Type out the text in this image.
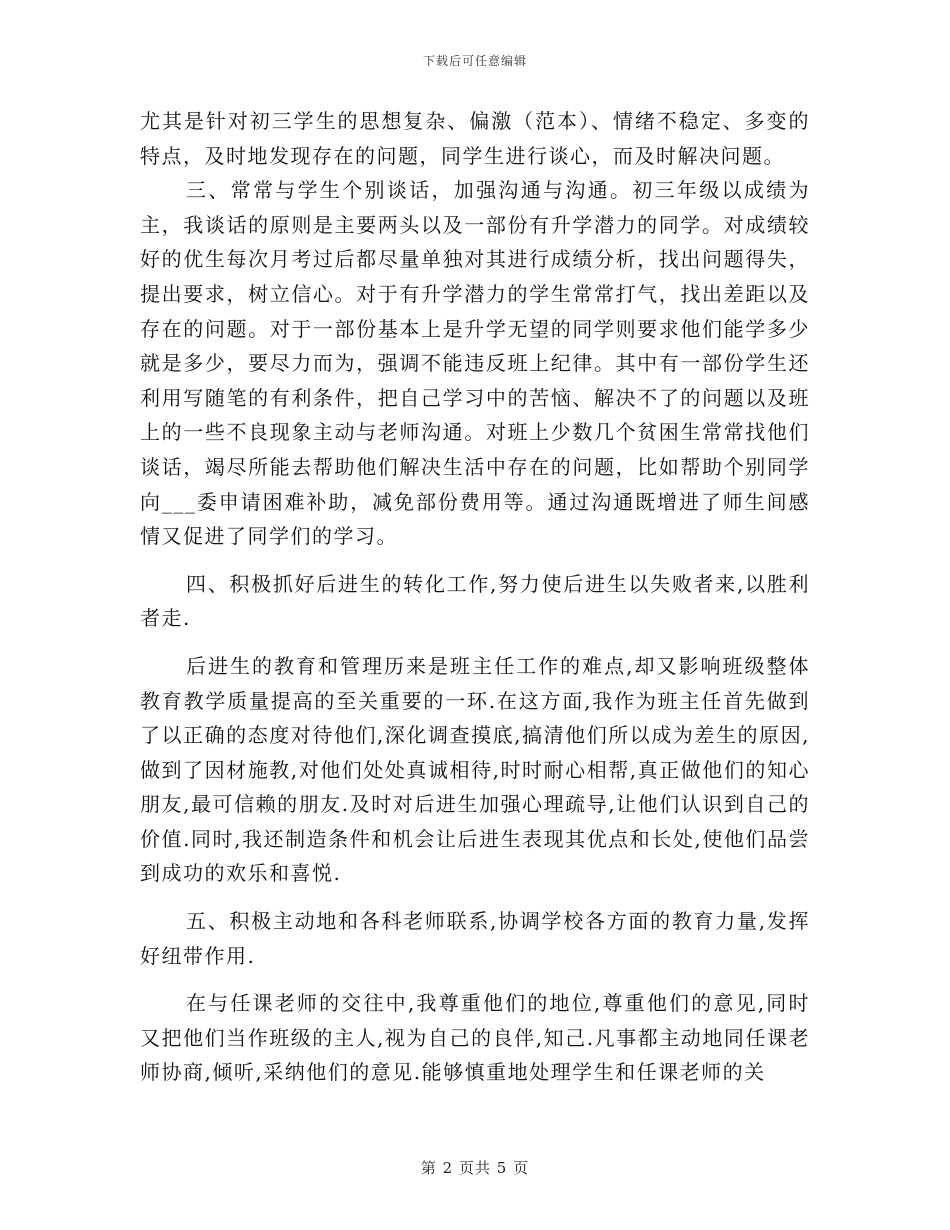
下载后可任意编辑

尤其是针对初三学生的思想复杂、偏激（范本）、情绪不稳定、多变的特点，及时地发现存在的问题，同学生进行谈心，而及时解决问题。

三、常常与学生个别谈话，加强沟通与沟通。初三年级以成绩为主，我谈话的原则是主要两头以及一部份有升学潜力的同学。对成绩较好的优生每次月考过后都尽量单独对其进行成绩分析，找出问题得失，提出要求，树立信心。对于有升学潜力的学生常常打气，找出差距以及存在的问题。对于一部份基本上是升学无望的同学则要求他们能学多少就是多少，要尽力而为，强调不能违反班上纪律。其中有一部份学生还利用写随笔的有利条件，把自己学习中的苦恼、解决不了的问题以及班上的一些不良现象主动与老师沟通。对班上少数几个贫困生常常找他们谈话，竭尽所能去帮助他们解决生活中存在的问题，比如帮助个别同学向___委申请困难补助，减免部份费用等。通过沟通既增进了师生间感情又促进了同学们的学习。

四、积极抓好后进生的转化工作,努力使后进生以失败者来,以胜利者走.

后进生的教育和管理历来是班主任工作的难点,却又影响班级整体教育教学质量提高的至关重要的一环.在这方面,我作为班主任首先做到了以正确的态度对待他们,深化调查摸底,搞清他们所以成为差生的原因,做到了因材施教,对他们处处真诚相待,时时耐心相帮,真正做他们的知心朋友,最可信赖的朋友.及时对后进生加强心理疏导,让他们认识到自己的价值.同时,我还制造条件和机会让后进生表现其优点和长处,使他们品尝到成功的欢乐和喜悦.

五、积极主动地和各科老师联系,协调学校各方面的教育力量,发挥好纽带作用.

在与任课老师的交往中,我尊重他们的地位,尊重他们的意见,同时又把他们当作班级的主人,视为自己的良伴,知己.凡事都主动地同任课老师协商,倾听,采纳他们的意见.能够慎重地处理学生和任课老师的关

第 2 页共 5 页
